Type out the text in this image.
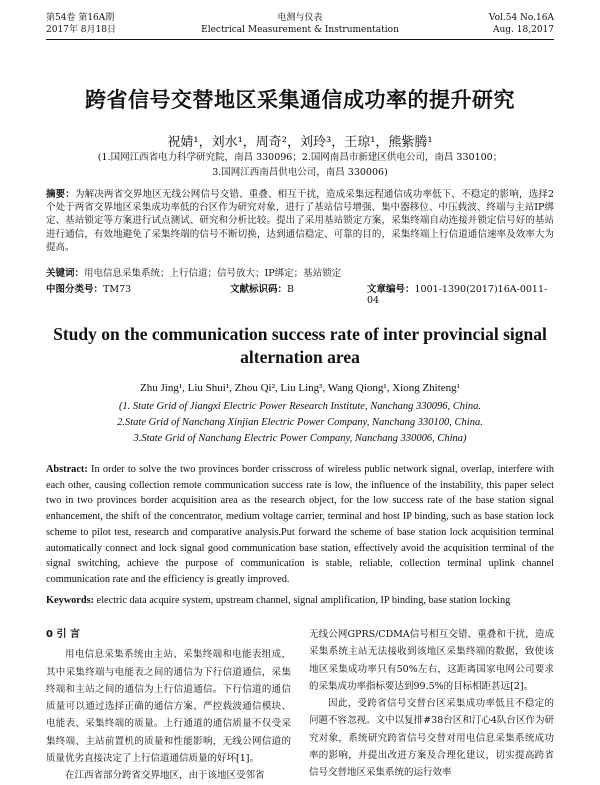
第54卷 第16A期
2017年 8月18日
电测与仪表
Electrical Measurement & Instrumentation
Vol.54 No.16A
Aug. 18,2017
跨省信号交替地区采集通信成功率的提升研究
祝婧¹，刘水¹，周奇²，刘玲³，王琼¹，熊紫腾¹
(1.国网江西省电力科学研究院，南昌 330096；2.国网南昌市新建区供电公司，南昌 330100；
3.国网江西南昌供电公司，南昌 330006)
摘要：为解决两省交界地区无线公网信号交错、重叠、相互干扰，造成采集远程通信成功率低下、不稳定的影响，选择2个处于两省交界地区采集成功率低的台区作为研究对象，进行了基站信号增强、集中器移位、中压载波、终端与主站IP绑定、基站锁定等方案进行试点测试、研究和分析比较。提出了采用基站锁定方案，采集终端自动连接并锁定信号好的基站进行通信，有效地避免了采集终端的信号不断切换，达到通信稳定、可靠的目的，采集终端上行信道通信速率及效率大为提高。
关键词：用电信息采集系统；上行信道；信号放大；IP绑定；基站锁定
中图分类号：TM73	文献标识码：B	文章编号：1001-1390(2017)16A-0011-04
Study on the communication success rate of inter provincial signal
alternation area
Zhu Jing¹, Liu Shui¹, Zhou Qi², Liu Ling³, Wang Qiong¹, Xiong Zhiteng¹
(1. State Grid of Jiangxi Electric Power Research Institute, Nanchang 330096, China.
2.State Grid of Nanchang Xinjian Electric Power Company, Nanchang 330100, China.
3.State Grid of Nanchang Electric Power Company, Nanchang 330006, China)
Abstract: In order to solve the two provinces border crisscross of wireless public network signal, overlap, interfere with each other, causing collection remote communication success rate is low, the influence of the instability, this paper select two in two provinces border acquisition area as the research object, for the low success rate of the base station signal enhancement, the shift of the concentrator, medium voltage carrier, terminal and host IP binding, such as base station lock scheme to pilot test, research and comparative analysis.Put forward the scheme of base station lock acquisition terminal automatically connect and lock signal good communication base station, effectively avoid the acquisition terminal of the signal switching, achieve the purpose of communication is stable, reliable, collection terminal uplink channel communication rate and the efficiency is greatly improved.
Keywords: electric data acquire system, upstream channel, signal amplification, IP binding, base station locking
0 引 言

用电信息采集系统由主站、采集终端和电能表组成，其中采集终端与电能表之间的通信为下行信道通信，采集终端和主站之间的通信为上行信道通信。下行信道的通信质量可以通过选择正确的通信方案、严控载波通信模块、电能表、采集终端的质量。上行通道的通信质量不仅受采集终端、主站前置机的质量和性能影响，无线公网信道的质量优劣直接决定了上行信道通信质量的好坏[1]。

在江西省部分跨省交界地区，由于该地区受邻省

无线公网GPRS/CDMA信号相互交错、重叠和干扰，造成采集系统主站无法接收到该地区采集终端的数据，致使该地区采集成功率只有50%左右，这距离国家电网公司要求的采集成功率指标要达到99.5%的目标相距甚远[2]。

因此，受跨省信号交替台区采集成功率低且不稳定的问题不容忽视。文中以复排#38台区和汀心4队台区作为研究对象，系统研究跨省信号交替对用电信息采集系统成功率的影响，并提出改进方案及合理化建议，切实提高跨省信号交替地区采集系统的运行效率
